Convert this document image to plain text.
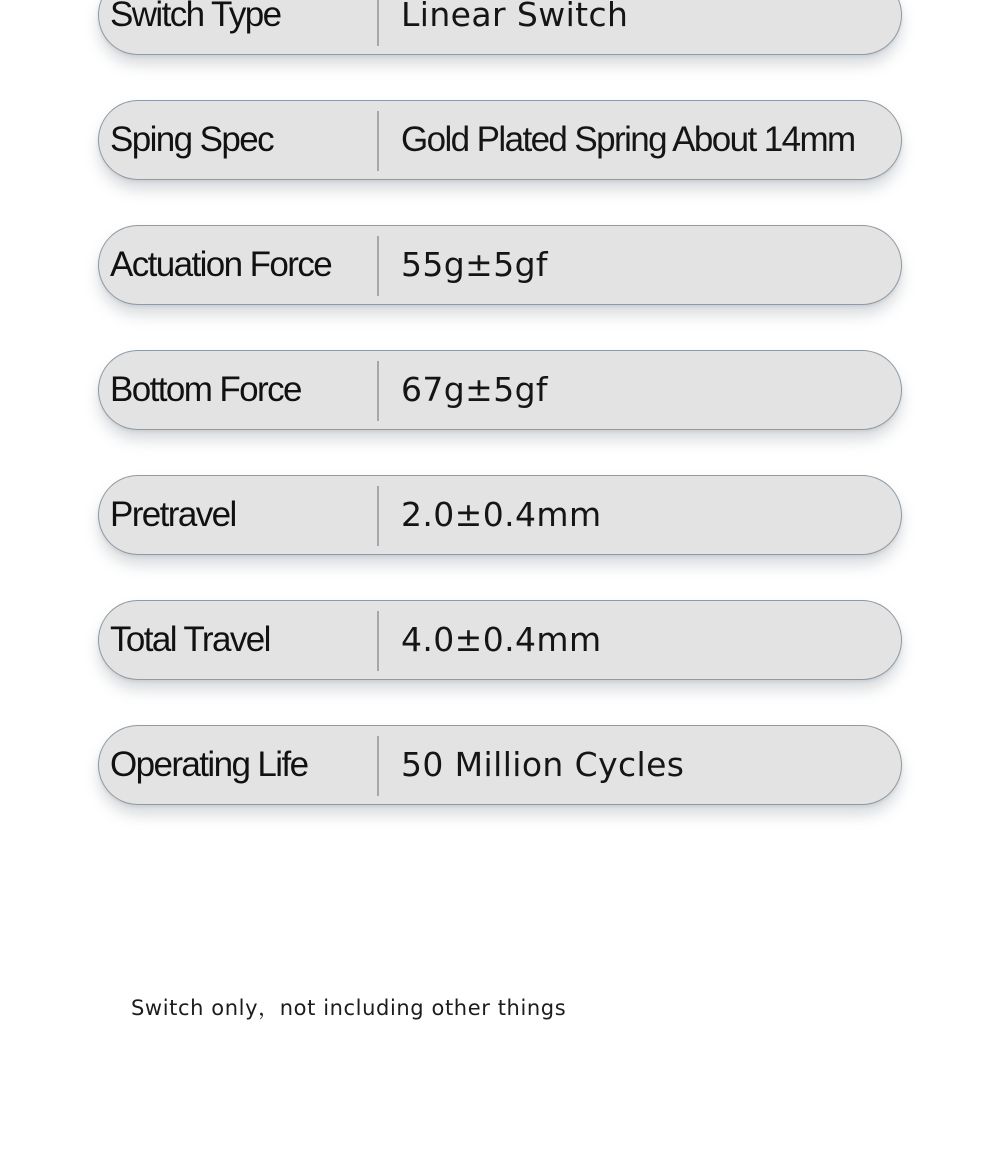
Switch Type	Linear Switch
Sping Spec	Gold Plated Spring About 14mm
Actuation Force 55g±5gf
Bottom Force	67g±5gf
Pretravel	2.0±0.4mm
Total Travel	4.0±0.4mm
Operating Life	50 Million Cycles
Switch only，not including other things
